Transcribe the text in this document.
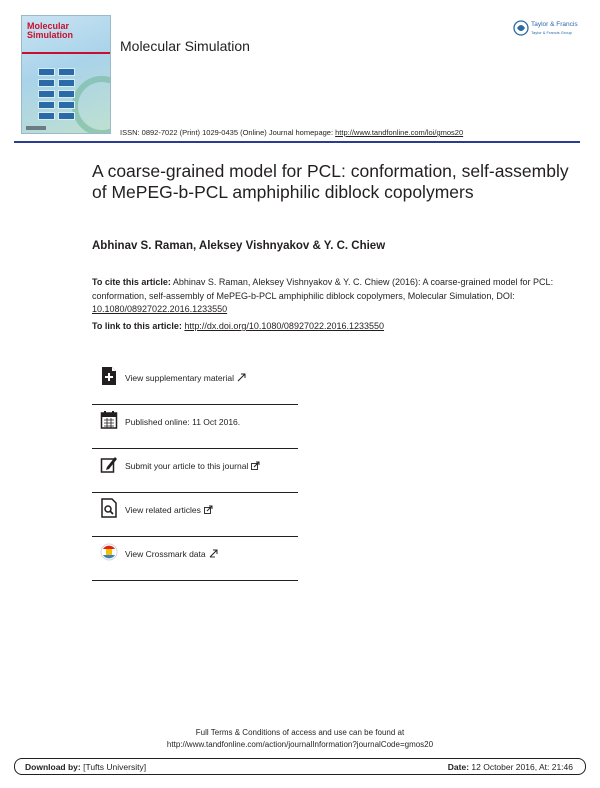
Molecular
Simulation
Molecular Simulation
Taylor & Francis
Taylor & Francis Group
ISSN: 0892-7022 (Print) 1029-0435 (Online) Journal homepage: http://www.tandfonline.com/loi/gmos20
A coarse-grained model for PCL: conformation, self-assembly of MePEG-b-PCL amphiphilic diblock copolymers
Abhinav S. Raman, Aleksey Vishnyakov & Y. C. Chiew
To cite this article: Abhinav S. Raman, Aleksey Vishnyakov & Y. C. Chiew (2016): A coarse-grained model for PCL: conformation, self-assembly of MePEG-b-PCL amphiphilic diblock copolymers, Molecular Simulation, DOI: 10.1080/08927022.2016.1233550
To link to this article: http://dx.doi.org/10.1080/08927022.2016.1233550
View supplementary material
Published online: 11 Oct 2016.
Submit your article to this journal
View related articles
View Crossmark data
Full Terms & Conditions of access and use can be found at
http://www.tandfonline.com/action/journalInformation?journalCode=gmos20
Download by: [Tufts University]	Date: 12 October 2016, At: 21:46
